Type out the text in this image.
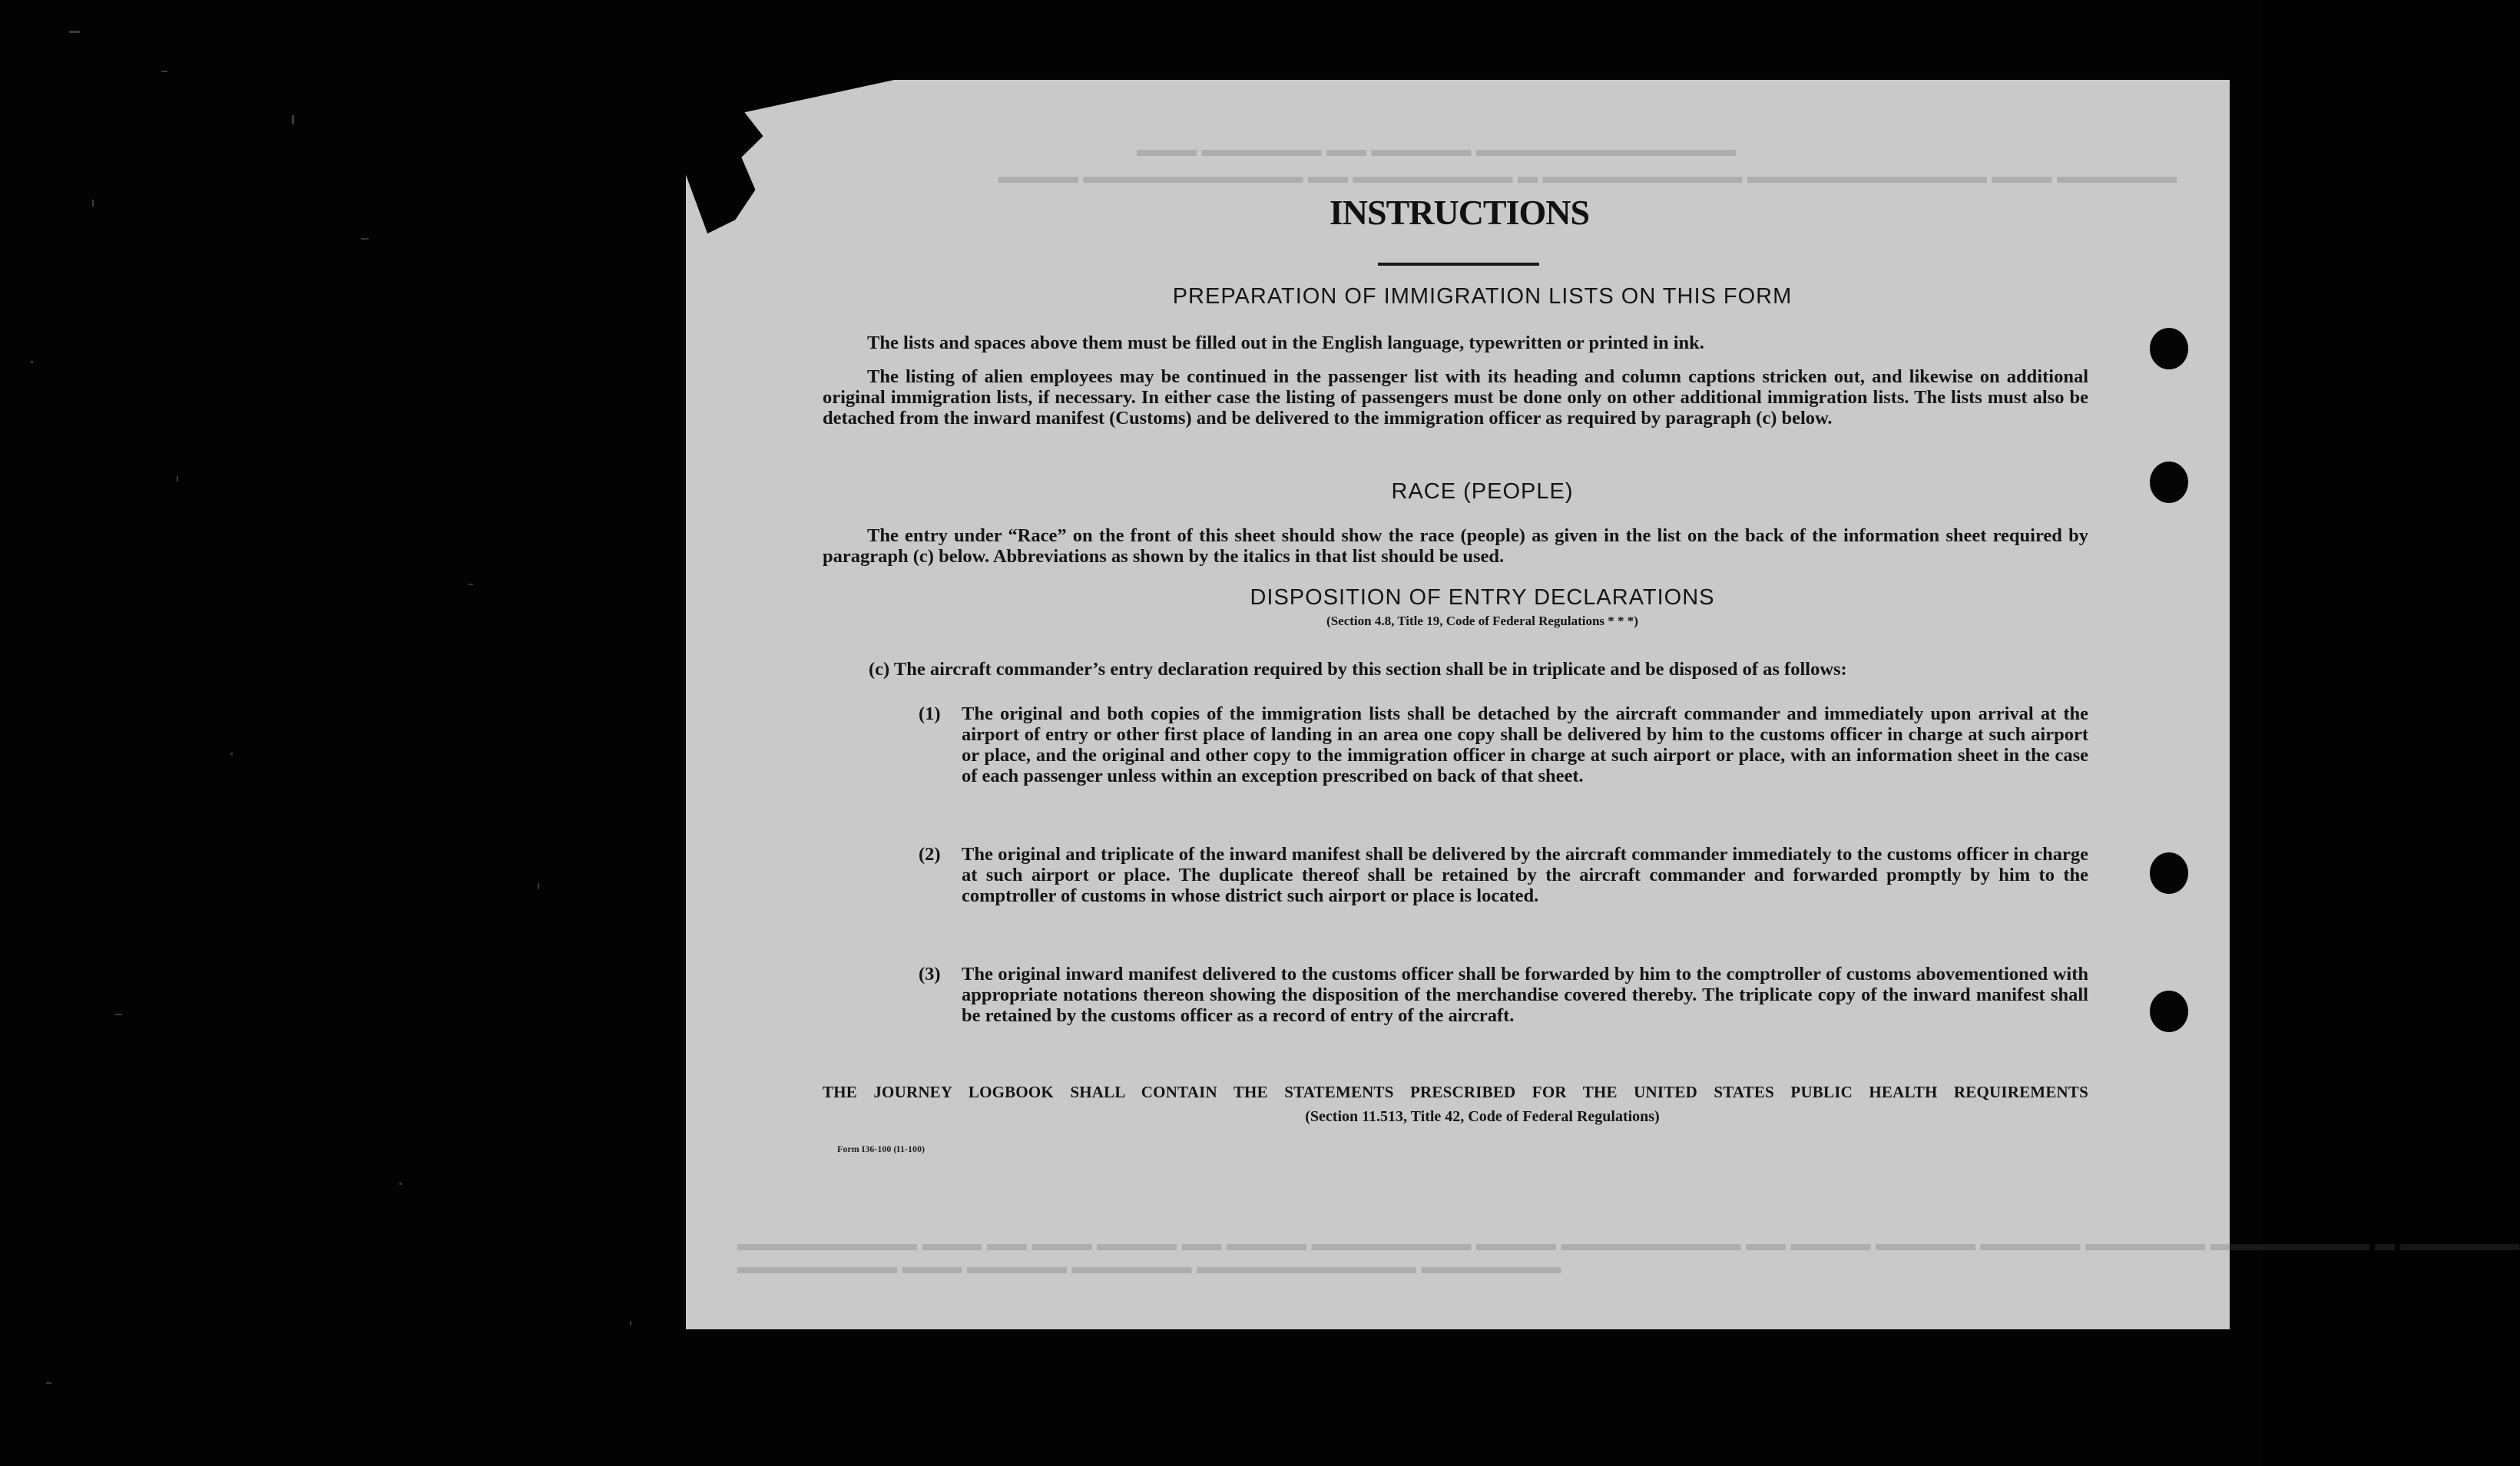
▬▬▬ ▬▬▬▬▬▬ ▬▬ ▬▬▬▬▬ ▬▬▬▬▬▬▬▬▬▬▬▬▬
▬▬▬▬ ▬▬▬▬▬▬▬▬▬▬▬ ▬▬ ▬▬▬▬▬▬▬▬ ▬ ▬▬▬▬▬▬▬▬▬▬ ▬▬▬▬▬▬▬▬▬▬▬▬ ▬▬▬ ▬▬▬▬▬▬
▬▬▬▬▬▬▬▬▬ ▬▬▬ ▬▬ ▬▬▬ ▬▬▬▬ ▬▬ ▬▬▬▬ ▬▬▬▬▬▬▬▬ ▬▬▬▬ ▬▬▬▬▬▬▬▬▬ ▬▬ ▬▬▬▬ ▬▬▬▬▬ ▬▬▬▬▬ ▬▬▬▬▬▬ ▬▬▬▬▬▬▬▬ ▬ ▬▬▬▬▬▬
▬▬▬▬▬▬▬▬ ▬▬▬ ▬▬▬▬▬ ▬▬▬▬▬▬ ▬▬▬▬▬▬▬▬▬▬▬ ▬▬▬▬▬▬▬
INSTRUCTIONS
PREPARATION OF IMMIGRATION LISTS ON THIS FORM
The lists and spaces above them must be filled out in the English language, typewritten or printed in ink.
The listing of alien employees may be continued in the passenger list with its heading and column captions stricken out, and likewise on additional original immigration lists, if necessary. In either case the listing of passengers must be done only on other additional immigration lists. The lists must also be detached from the inward manifest (Customs) and be delivered to the immigration officer as required by paragraph (c) below.
RACE (PEOPLE)
The entry under “Race” on the front of this sheet should show the race (people) as given in the list on the back of the information sheet required by paragraph (c) below. Abbreviations as shown by the italics in that list should be used.
DISPOSITION OF ENTRY DECLARATIONS
(Section 4.8, Title 19, Code of Federal Regulations * * *)
(c) The aircraft commander’s entry declaration required by this section shall be in triplicate and be disposed of as follows:
(1) The original and both copies of the immigration lists shall be detached by the aircraft commander and immediately upon arrival at the airport of entry or other first place of landing in an area one copy shall be delivered by him to the customs officer in charge at such airport or place, and the original and other copy to the immigration officer in charge at such airport or place, with an information sheet in the case of each passenger unless within an exception prescribed on back of that sheet.
(2) The original and triplicate of the inward manifest shall be delivered by the aircraft commander immediately to the customs officer in charge at such airport or place. The duplicate thereof shall be retained by the aircraft commander and forwarded promptly by him to the comptroller of customs in whose district such airport or place is located.
(3) The original inward manifest delivered to the customs officer shall be forwarded by him to the comptroller of customs abovementioned with appropriate notations thereon showing the disposition of the merchandise covered thereby. The triplicate copy of the inward manifest shall be retained by the customs officer as a record of entry of the aircraft.
THE JOURNEY LOGBOOK SHALL CONTAIN THE STATEMENTS PRESCRIBED FOR THE UNITED STATES PUBLIC HEALTH REQUIREMENTS
(Section 11.513, Title 42, Code of Federal Regulations)
Form I36-100 (I1-100)
